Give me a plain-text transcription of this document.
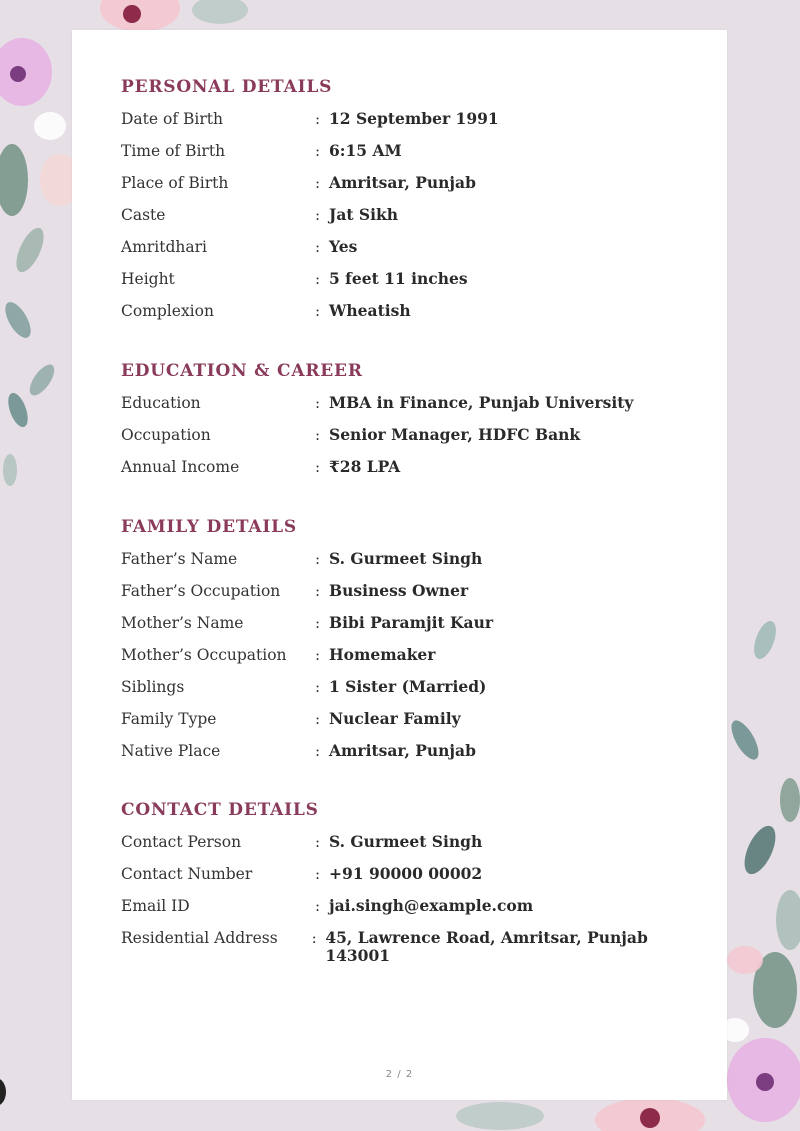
PERSONAL DETAILS
Date of Birth	: 12 September 1991
Time of Birth	: 6:15 AM
Place of Birth	: Amritsar, Punjab
Caste	: Jat Sikh
Amritdhari	: Yes
Height	: 5 feet 11 inches
Complexion	: Wheatish
EDUCATION & CAREER
Education	: MBA in Finance, Punjab University
Occupation	: Senior Manager, HDFC Bank
Annual Income	: ₹28 LPA
FAMILY DETAILS
Father’s Name	: S. Gurmeet Singh
Father’s Occupation	: Business Owner
Mother’s Name	: Bibi Paramjit Kaur
Mother’s Occupation	: Homemaker
Siblings	: 1 Sister (Married)
Family Type	: Nuclear Family
Native Place	: Amritsar, Punjab
CONTACT DETAILS
Contact Person	: S. Gurmeet Singh
Contact Number	: +91 90000 00002
Email ID	: jai.singh@example.com
Residential Address	: 45, Lawrence Road, Amritsar, Punjab 143001
2 / 2
